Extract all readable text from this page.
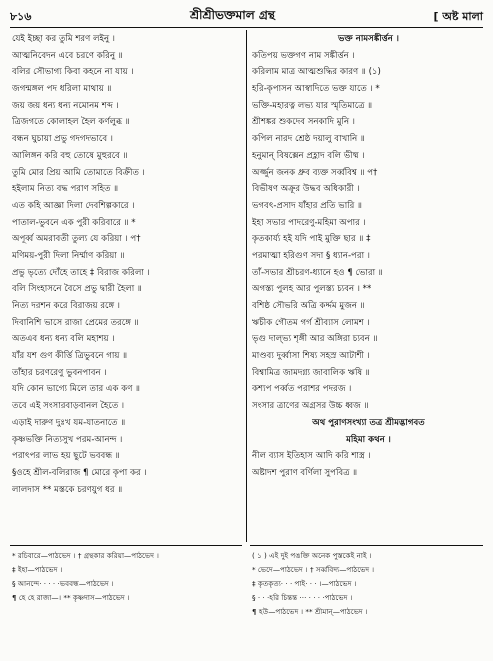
৮১৬	শ্রীশ্রীভক্তমাল গ্রন্থ	[ অষ্ট মালা
যেই ইচ্ছা কর তুমি শরণ লইনু ।
আত্মনিবেদন এবে চরণে করিনু ॥
বলির সৌভাগ্য কিবা কহনে না যায় ।
জগন্মঙ্গল পদ ধরিলা মাথায় ॥
জয় জয় ধন্য ধন্য নমোনম শব্দ ।
ত্রিজগতে কোলাহল হৈল কর্ণলুব্ধ ॥
বন্ধন ঘুচায়া প্রভু গদগদভাবে ।
আলিঙ্গন করি বহু তোষে মুহুরবে ॥
তুমি মোর প্রিয় আমি তোমাতে বিক্রীত ।
হইলাম নিত্য বদ্ধ পরাণ সহিত ॥
এত কহি আজ্ঞা দিলা দেবশিল্পকারে ।
পাতাল-ভুবনে এক পুরী করিবারে ॥ *
অপূর্ব্ব অমরাবতী তুল্য যে করিয়া । প†
মণিময়-পুরী দিলা নির্ম্মাণ করিয়া ॥
প্রভু ভৃত্যে দোঁহে তাহে ‡ বিরাজ করিলা ।
বলি সিংহাসনে বৈসে প্রভু দ্বারী হৈলা ॥
নিত্য দরশন করে বিরাজয় রঙ্গে ।
দিবানিশি ভাসে রাজা প্রেমের তরঙ্গে ॥
অতএব ধন্য ধন্য বলি মহাশয় ।
যাঁর যশ গুণ কীর্ত্তি ত্রিভুবনে গায় ॥
তাঁহার চরণরেণু ভুবনপাবন ।
যদি কোন ভাগ্যে মিলে তার এক কণ ॥
তবে এই সংসারবাড়বানল হৈতে ।
এড়াই দারুণ দুঃখ যম-যাতনাতে ॥
কৃষ্ণভক্তি নিত্যসুখ পরম-আনন্দ ।
পরাৎপর লাভ হয় ছুটে ভববন্ধ ॥
§ওহে শ্রীল-বলিরাজ ¶ মোরে কৃপা কর ।
লালদাস ** মস্তকে চরণযুগ ধর ॥
ভক্ত নামসঙ্কীর্ত্তন ।
কতিপয় ভক্তগণ নাম সঙ্কীর্ত্তন ।
করিলাম মাত্র আত্মশুদ্ধির কারণ ॥ (১)
হরি-কৃপাসন আস্বাদিতে ভক্ত যাতে । *
ভক্তি-মহারত্ন লভ্য যার স্মৃতিমাত্রে ॥
শ্রীশঙ্কর শুকদেব সনকাদি মুনি ।
কপিল নারদ শ্রেষ্ঠ দয়ালু বাখানি ॥
হনুমান্ বিষক্সেন প্রহ্লাদ বলি ভীষ্ম ।
অর্জ্জুন জনক ধ্রুব ব্যক্ত সর্ব্ববিশ্ব ॥ প†
বিভীষণ অক্রূর উদ্ধব অধিকারী ।
ভগবৎ-প্রসাদ যাঁহার প্রতি ভারি ॥
ইহা সভার পাদরেণু-মহিমা অপার ।
কৃতকার্য্য হই যদি পাই মুক্তি ছার ॥ ‡
পরমাত্মা হরিগুণ সদা § ধ্যান-পরা ।
তাঁ-সভার শ্রীচরণ-ধ্যানে হও ¶ ভোরা ॥
অগস্ত্য পুলহ আর পুলস্ত্য চ্যবন । **
বশিষ্ঠ সৌভরি অত্রি কর্দ্দম মুজন ॥
ঋচীক গৌতম গর্গ শ্রীব্যাস লোমশ ।
ভৃগু দাল্ভ্য শৃঙ্গী আর অঙ্গিরা চ্যবন ॥
মাণ্ডব্য দুর্ব্বাসা শিষ্য সহস্র আটাশী ।
বিশ্বামিত্র জামদগ্ন্য জাবালিক ঋষি ॥
কশ্যপ পর্ব্বত পরাশর পদরজ ।
সংসার ত্রাণের অগ্রসর উচ্চ ধ্বজ ॥
অথ পুরাণসংখ্যা তত্র শ্রীমদ্ভাগবত
মহিমা কথন ।
নীল ব্যাস ইতিহাস আদি করি শাস্ত্র ।
অষ্টাদশ পুরাণ বর্ণিলা সুপবিত্র ॥
* রচিবারে—পাঠভেদ । † গ্রন্থকার করিয়া—পাঠভেদ ।
‡ ইহা—পাঠভেদ ।
§ আনন্দে· · · · ·ভববন্ধ—পাঠভেদ ।
¶ হে হে রাজা—। ** কৃষ্ণদাস—পাঠভেদ ।
( ১ ) এই দুই পঙক্তি অনেক পুস্তকেই নাই ।
* ভেদে—পাঠভেদ । † সর্ব্ববিদ্য—পাঠভেদ ।
‡ কৃতকৃত্য· · · পাই· · · ।—পাঠভেদ ।
§ · · ·হরি চিন্তন্ত ··· · · · ·পাঠভেদ ।
¶ হউ—পাঠভেদ । ** শ্রীমান্—পাঠভেদ ।
